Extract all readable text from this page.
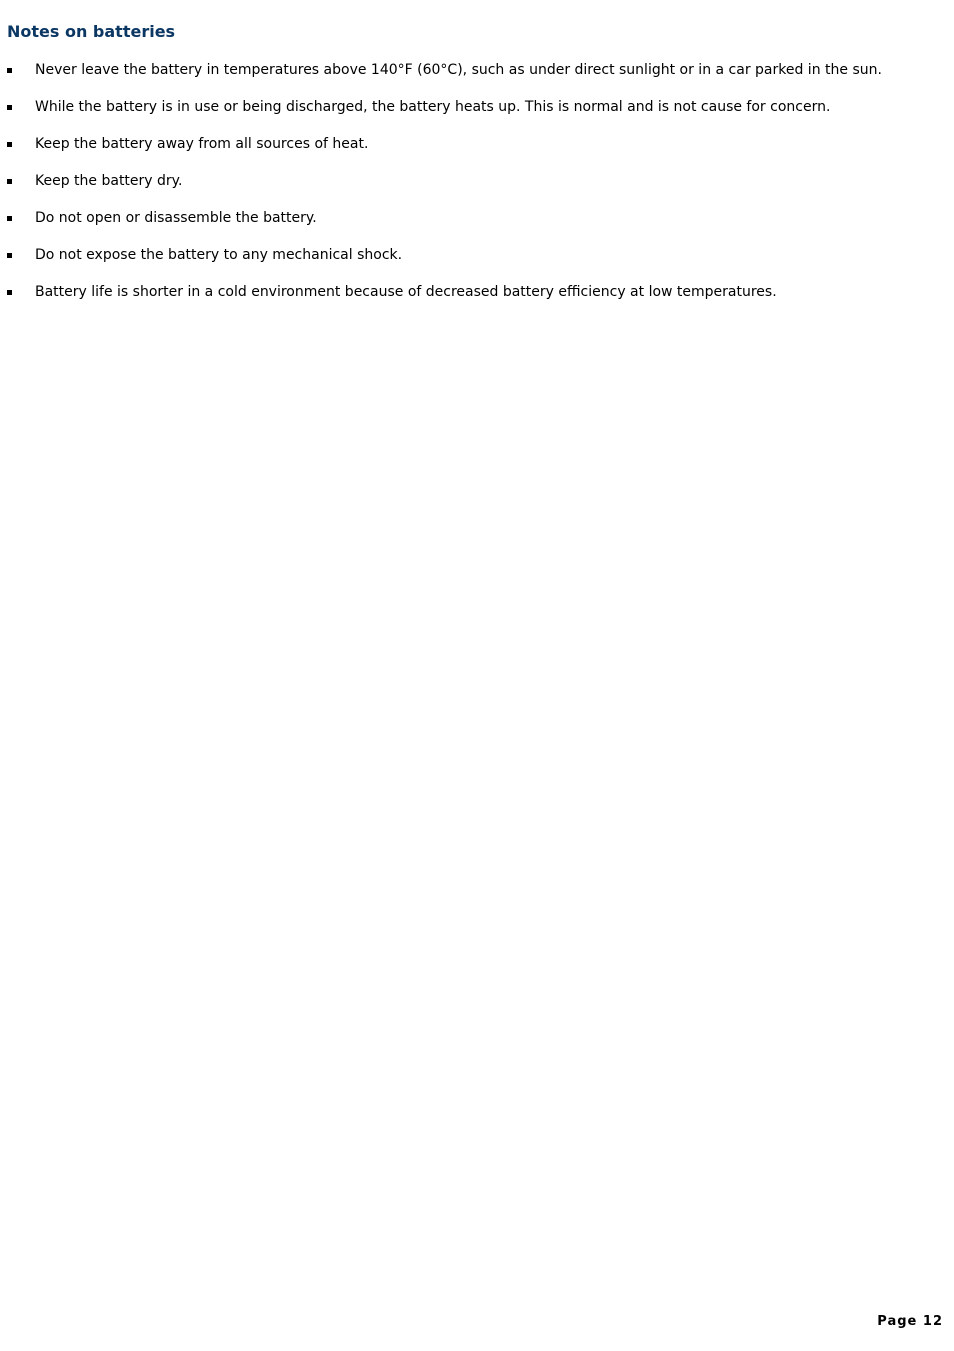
Notes on batteries
Never leave the battery in temperatures above 140°F (60°C), such as under direct sunlight or in a car parked in the sun.
While the battery is in use or being discharged, the battery heats up. This is normal and is not cause for concern.
Keep the battery away from all sources of heat.
Keep the battery dry.
Do not open or disassemble the battery.
Do not expose the battery to any mechanical shock.
Battery life is shorter in a cold environment because of decreased battery efficiency at low temperatures.
Page 12
